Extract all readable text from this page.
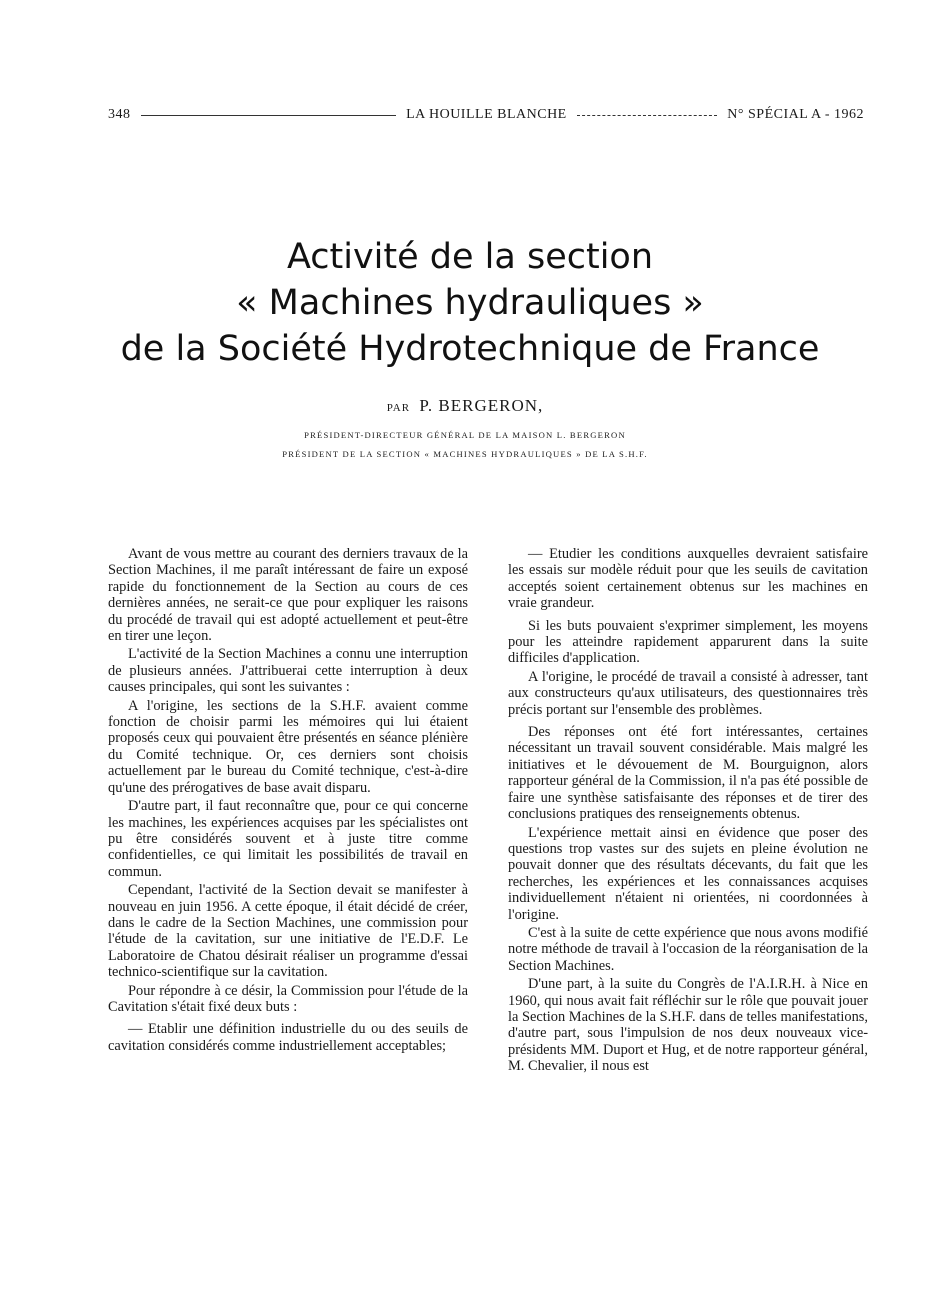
348	LA HOUILLE BLANCHE	N° SPÉCIAL A - 1962
Activité de la section
« Machines hydrauliques »
de la Société Hydrotechnique de France
PAR P. BERGERON,
PRÉSIDENT-DIRECTEUR GÉNÉRAL DE LA MAISON L. BERGERON
PRÉSIDENT DE LA SECTION « MACHINES HYDRAULIQUES » DE LA S.H.F.

Avant de vous mettre au courant des derniers travaux de la Section Machines, il me paraît intéressant de faire un exposé rapide du fonctionnement de la Section au cours de ces dernières années, ne serait-ce que pour expliquer les raisons du procédé de travail qui est adopté actuellement et peut-être en tirer une leçon.

L'activité de la Section Machines a connu une interruption de plusieurs années. J'attribuerai cette interruption à deux causes principales, qui sont les suivantes :

A l'origine, les sections de la S.H.F. avaient comme fonction de choisir parmi les mémoires qui lui étaient proposés ceux qui pouvaient être présentés en séance plénière du Comité technique. Or, ces derniers sont choisis actuellement par le bureau du Comité technique, c'est-à-dire qu'une des prérogatives de base avait disparu.

D'autre part, il faut reconnaître que, pour ce qui concerne les machines, les expériences acquises par les spécialistes ont pu être considérés souvent et à juste titre comme confidentielles, ce qui limitait les possibilités de travail en commun.

Cependant, l'activité de la Section devait se manifester à nouveau en juin 1956. A cette époque, il était décidé de créer, dans le cadre de la Section Machines, une commission pour l'étude de la cavitation, sur une initiative de l'E.D.F. Le Laboratoire de Chatou désirait réaliser un programme d'essai technico-scientifique sur la cavitation.

Pour répondre à ce désir, la Commission pour l'étude de la Cavitation s'était fixé deux buts :

— Etablir une définition industrielle du ou des seuils de cavitation considérés comme industriellement acceptables;

— Etudier les conditions auxquelles devraient satisfaire les essais sur modèle réduit pour que les seuils de cavitation acceptés soient certainement obtenus sur les machines en vraie grandeur.

Si les buts pouvaient s'exprimer simplement, les moyens pour les atteindre rapidement apparurent dans la suite difficiles d'application.

A l'origine, le procédé de travail a consisté à adresser, tant aux constructeurs qu'aux utilisateurs, des questionnaires très précis portant sur l'ensemble des problèmes.

Des réponses ont été fort intéressantes, certaines nécessitant un travail souvent considérable. Mais malgré les initiatives et le dévouement de M. Bourguignon, alors rapporteur général de la Commission, il n'a pas été possible de faire une synthèse satisfaisante des réponses et de tirer des conclusions pratiques des renseignements obtenus.

L'expérience mettait ainsi en évidence que poser des questions trop vastes sur des sujets en pleine évolution ne pouvait donner que des résultats décevants, du fait que les recherches, les expériences et les connaissances acquises individuellement n'étaient ni orientées, ni coordonnées à l'origine.

C'est à la suite de cette expérience que nous avons modifié notre méthode de travail à l'occasion de la réorganisation de la Section Machines.

D'une part, à la suite du Congrès de l'A.I.R.H. à Nice en 1960, qui nous avait fait réfléchir sur le rôle que pouvait jouer la Section Machines de la S.H.F. dans de telles manifestations, d'autre part, sous l'impulsion de nos deux nouveaux vice-présidents MM. Duport et Hug, et de notre rapporteur général, M. Chevalier, il nous est
